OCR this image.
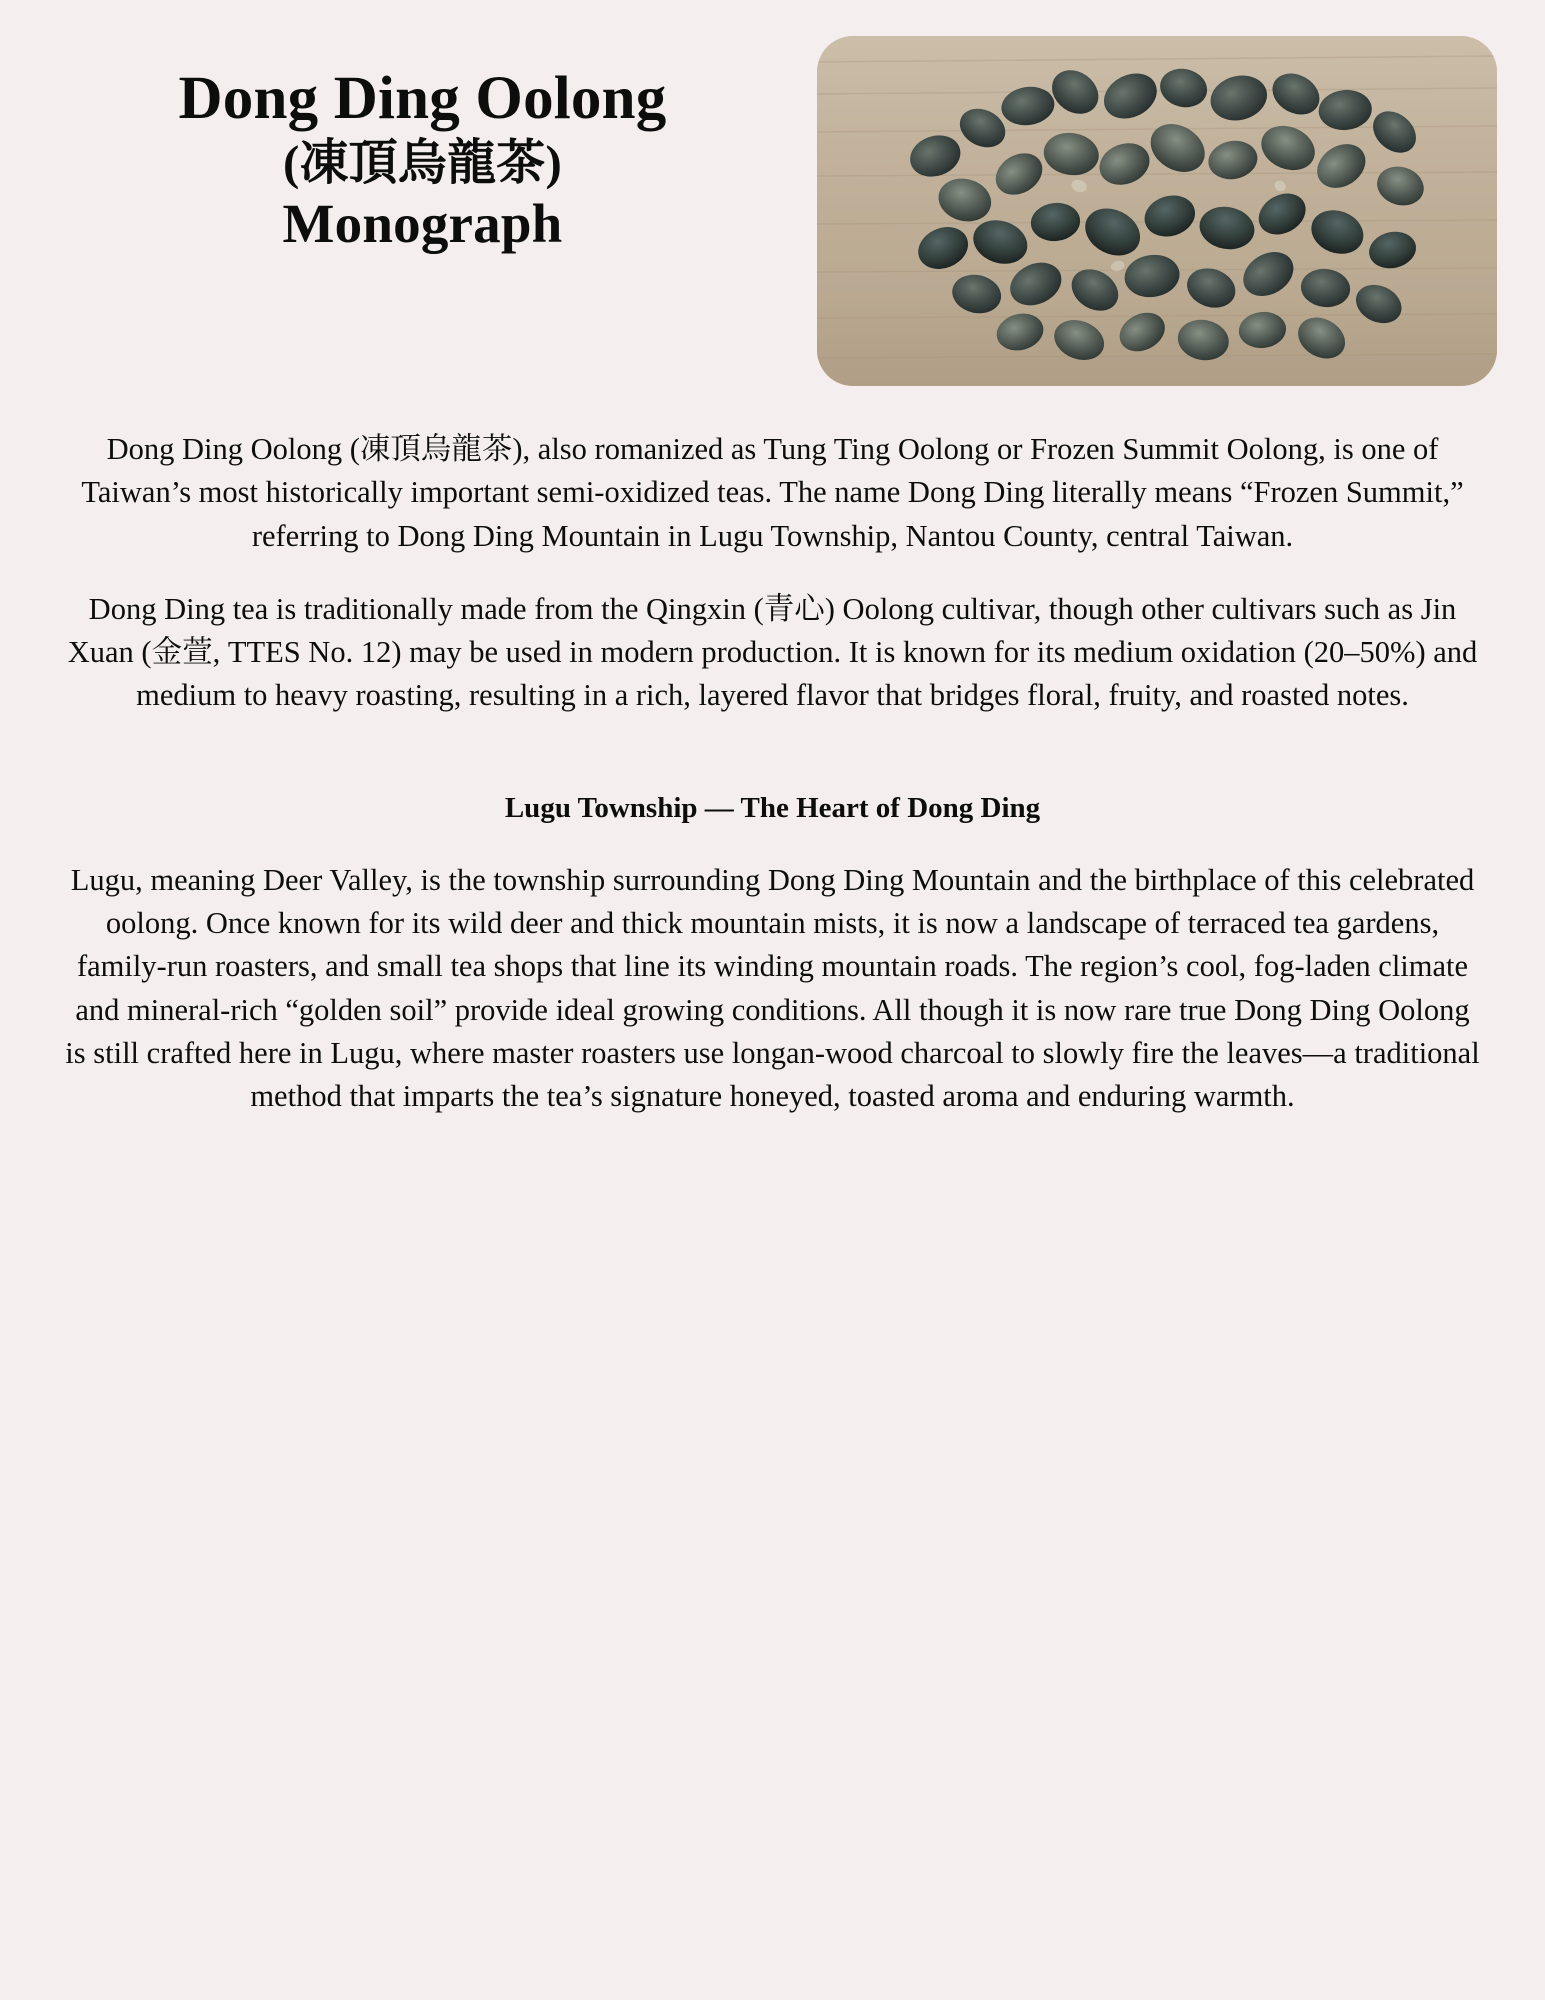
Dong Ding Oolong
(凍頂烏龍茶)
Monograph

Dong Ding Oolong (凍頂烏龍茶), also romanized as Tung Ting Oolong or Frozen Summit Oolong, is one of Taiwan’s most historically important semi-oxidized teas. The name Dong Ding literally means “Frozen Summit,” referring to Dong Ding Mountain in Lugu Township, Nantou County, central Taiwan.

Dong Ding tea is traditionally made from the Qingxin (青心) Oolong cultivar, though other cultivars such as Jin Xuan (金萱, TTES No. 12) may be used in modern production. It is known for its medium oxidation (20–50%) and medium to heavy roasting, resulting in a rich, layered flavor that bridges floral, fruity, and roasted notes.

Lugu Township — The Heart of Dong Ding

Lugu, meaning Deer Valley, is the township surrounding Dong Ding Mountain and the birthplace of this celebrated oolong. Once known for its wild deer and thick mountain mists, it is now a landscape of terraced tea gardens, family-run roasters, and small tea shops that line its winding mountain roads. The region’s cool, fog-laden climate and mineral-rich “golden soil” provide ideal growing conditions. All though it is now rare true Dong Ding Oolong is still crafted here in Lugu, where master roasters use longan-wood charcoal to slowly fire the leaves—a traditional method that imparts the tea’s signature honeyed, toasted aroma and enduring warmth.
